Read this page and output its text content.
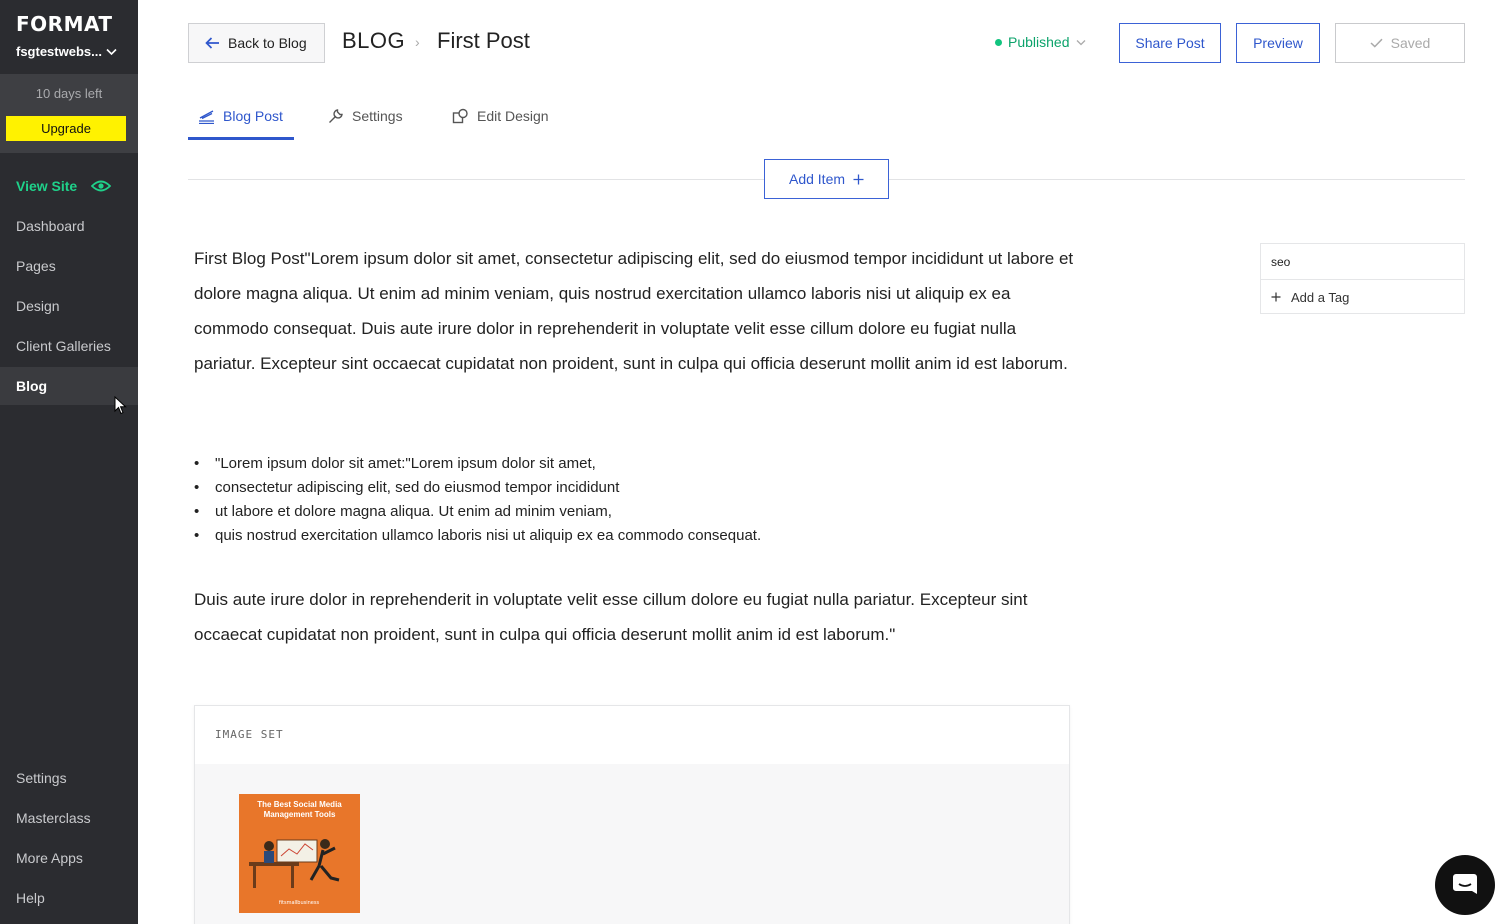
FORMAT
fsgtestwebs...
10 days left
Upgrade
View Site
Dashboard
Pages
Design
Client Galleries
Blog
Settings
Masterclass
More Apps
Help
Back to Blog BLOG › First Post	Published	Share Post	Preview	Saved
Blog Post	Settings	Edit Design
Add Item
First Blog Post"Lorem ipsum dolor sit amet, consectetur adipiscing elit, sed do eiusmod tempor incididunt ut labore et dolore magna aliqua. Ut enim ad minim veniam, quis nostrud exercitation ullamco laboris nisi ut aliquip ex ea commodo consequat. Duis aute irure dolor in reprehenderit in voluptate velit esse cillum dolore eu fugiat nulla pariatur. Excepteur sint occaecat cupidatat non proident, sunt in culpa qui officia deserunt mollit anim id est laborum.
• "Lorem ipsum dolor sit amet:"Lorem ipsum dolor sit amet,
• consectetur adipiscing elit, sed do eiusmod tempor incididunt
• ut labore et dolore magna aliqua. Ut enim ad minim veniam,
• quis nostrud exercitation ullamco laboris nisi ut aliquip ex ea commodo consequat.
Duis aute irure dolor in reprehenderit in voluptate velit esse cillum dolore eu fugiat nulla pariatur. Excepteur sint occaecat cupidatat non proident, sunt in culpa qui officia deserunt mollit anim id est laborum."
seo
Add a Tag
IMAGE SET
The Best Social Media Management Tools
fitsmallbusiness
